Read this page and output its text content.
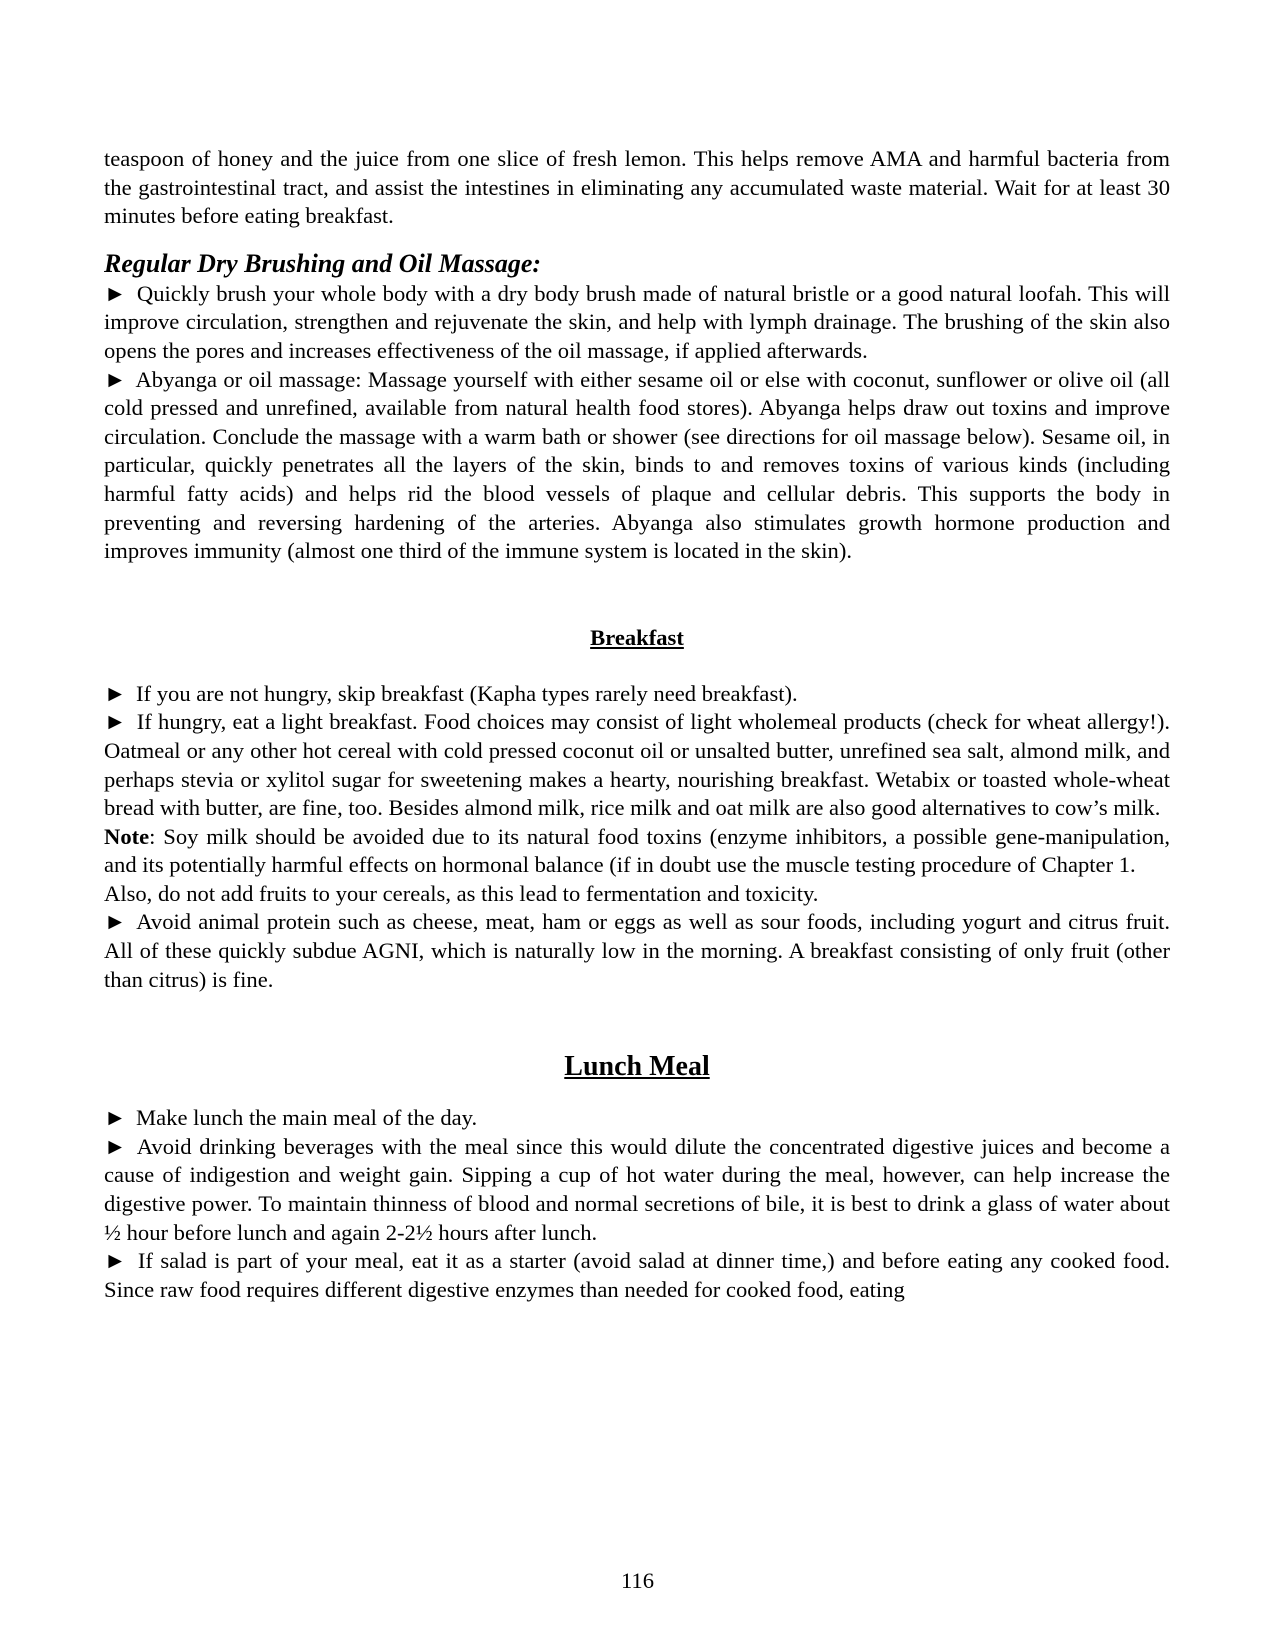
teaspoon of honey and the juice from one slice of fresh lemon. This helps remove AMA and harmful bacteria from the gastrointestinal tract, and assist the intestines in eliminating any accumulated waste material. Wait for at least 30 minutes before eating breakfast.

Regular Dry Brushing and Oil Massage:

► Quickly brush your whole body with a dry body brush made of natural bristle or a good natural loofah. This will improve circulation, strengthen and rejuvenate the skin, and help with lymph drainage. The brushing of the skin also opens the pores and increases effectiveness of the oil massage, if applied afterwards.

► Abyanga or oil massage: Massage yourself with either sesame oil or else with coconut, sunflower or olive oil (all cold pressed and unrefined, available from natural health food stores). Abyanga helps draw out toxins and improve circulation. Conclude the massage with a warm bath or shower (see directions for oil massage below). Sesame oil, in particular, quickly penetrates all the layers of the skin, binds to and removes toxins of various kinds (including harmful fatty acids) and helps rid the blood vessels of plaque and cellular debris. This supports the body in preventing and reversing hardening of the arteries. Abyanga also stimulates growth hormone production and improves immunity (almost one third of the immune system is located in the skin).

Breakfast

► If you are not hungry, skip breakfast (Kapha types rarely need breakfast).

► If hungry, eat a light breakfast. Food choices may consist of light wholemeal products (check for wheat allergy!). Oatmeal or any other hot cereal with cold pressed coconut oil or unsalted butter, unrefined sea salt, almond milk, and perhaps stevia or xylitol sugar for sweetening makes a hearty, nourishing breakfast. Wetabix or toasted whole-wheat bread with butter, are fine, too. Besides almond milk, rice milk and oat milk are also good alternatives to cow’s milk.

Note: Soy milk should be avoided due to its natural food toxins (enzyme inhibitors, a possible gene-manipulation, and its potentially harmful effects on hormonal balance (if in doubt use the muscle testing procedure of Chapter 1.

Also, do not add fruits to your cereals, as this lead to fermentation and toxicity.

► Avoid animal protein such as cheese, meat, ham or eggs as well as sour foods, including yogurt and citrus fruit. All of these quickly subdue AGNI, which is naturally low in the morning. A breakfast consisting of only fruit (other than citrus) is fine.

Lunch Meal

► Make lunch the main meal of the day.

► Avoid drinking beverages with the meal since this would dilute the concentrated digestive juices and become a cause of indigestion and weight gain. Sipping a cup of hot water during the meal, however, can help increase the digestive power. To maintain thinness of blood and normal secretions of bile, it is best to drink a glass of water about ½ hour before lunch and again 2-2½ hours after lunch.

► If salad is part of your meal, eat it as a starter (avoid salad at dinner time,) and before eating any cooked food. Since raw food requires different digestive enzymes than needed for cooked food, eating

116
